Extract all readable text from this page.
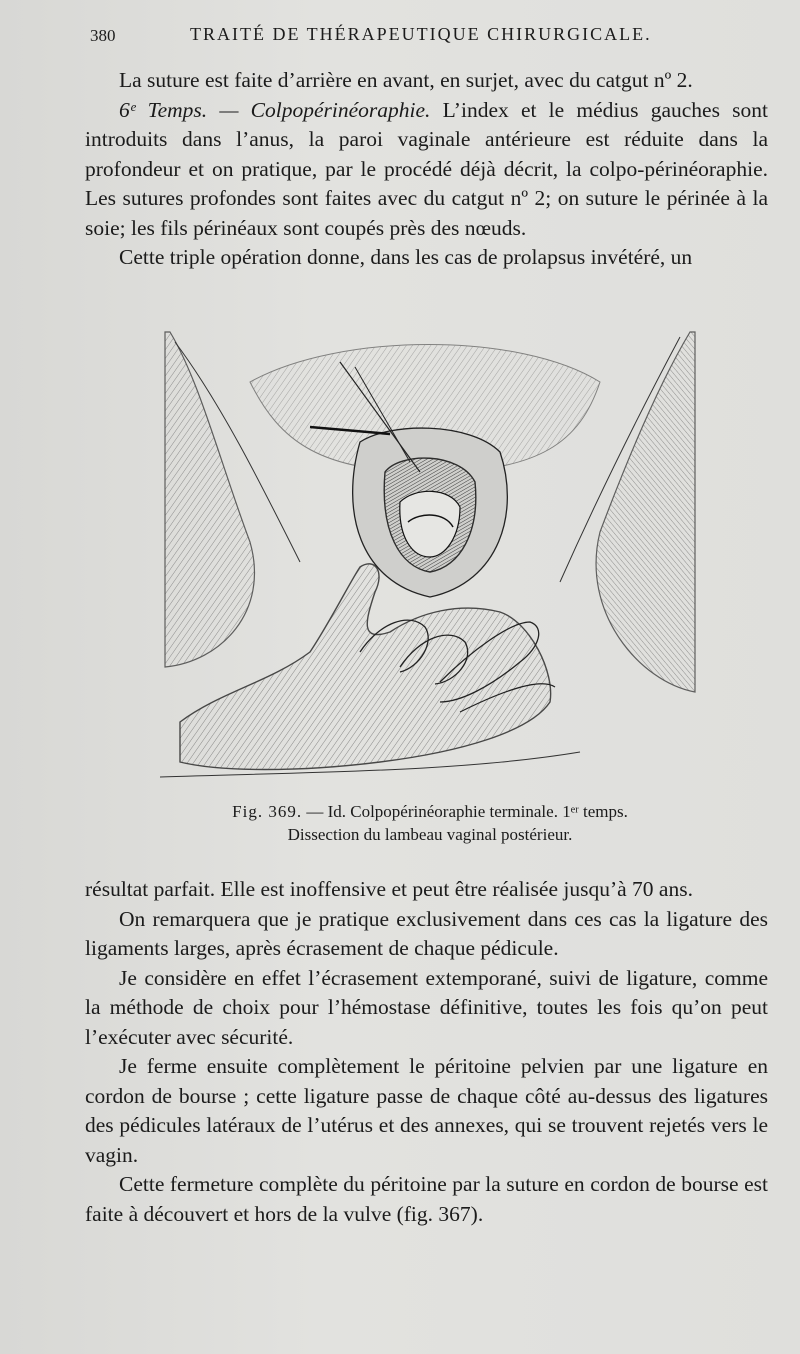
380	TRAITÉ DE THÉRAPEUTIQUE CHIRURGICALE.

La suture est faite d’arrière en avant, en surjet, avec du catgut nº 2.

6ᵉ Temps. — Colpopérinéoraphie. L’index et le médius gauches sont introduits dans l’anus, la paroi vaginale antérieure est réduite dans la profondeur et on pratique, par le procédé déjà décrit, la colpo-périnéoraphie. Les sutures profondes sont faites avec du catgut nº 2; on suture le périnée à la soie; les fils périnéaux sont coupés près des nœuds.

Cette triple opération donne, dans les cas de prolapsus invétéré, un

Fig. 369. — Id. Colpopérinéoraphie terminale. 1ᵉʳ temps.
Dissection du lambeau vaginal postérieur.

résultat parfait. Elle est inoffensive et peut être réalisée jusqu’à 70 ans.

On remarquera que je pratique exclusivement dans ces cas la ligature des ligaments larges, après écrasement de chaque pédicule.

Je considère en effet l’écrasement extemporané, suivi de ligature, comme la méthode de choix pour l’hémostase définitive, toutes les fois qu’on peut l’exécuter avec sécurité.

Je ferme ensuite complètement le péritoine pelvien par une ligature en cordon de bourse ; cette ligature passe de chaque côté au-dessus des ligatures des pédicules latéraux de l’utérus et des annexes, qui se trouvent rejetés vers le vagin.

Cette fermeture complète du péritoine par la suture en cordon de bourse est faite à découvert et hors de la vulve (fig. 367).
